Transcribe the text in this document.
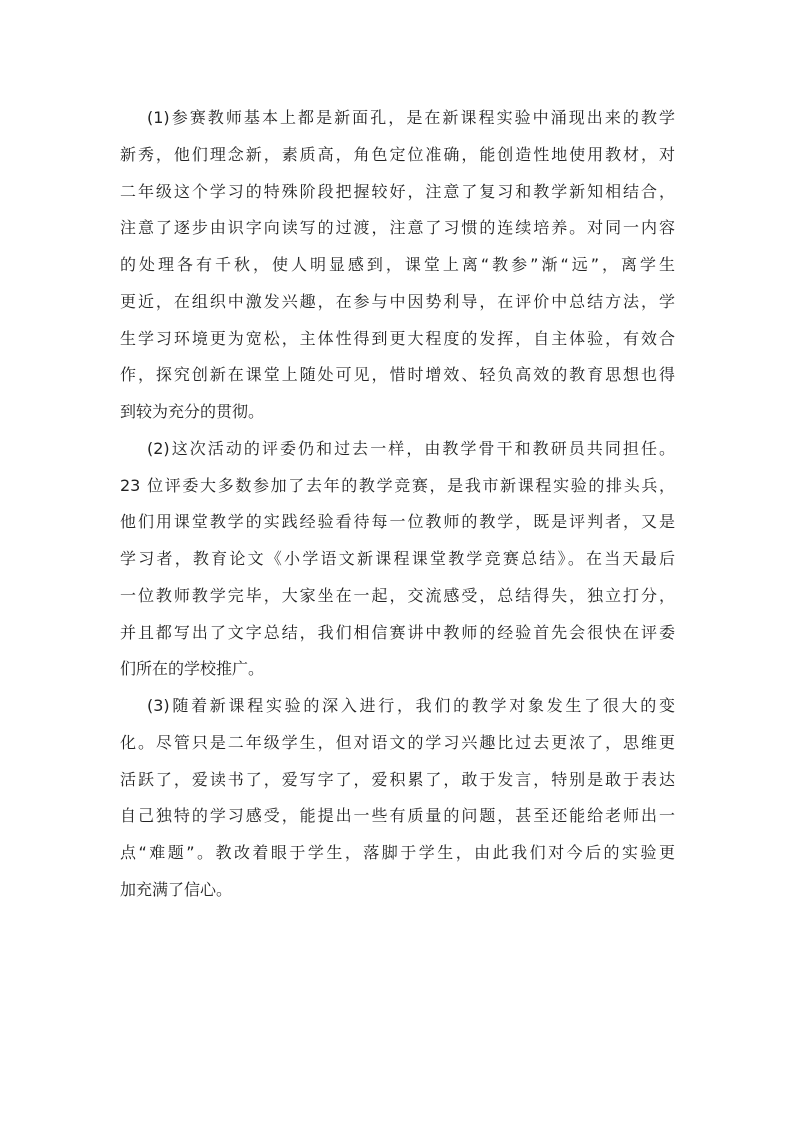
(1)参赛教师基本上都是新面孔，是在新课程实验中涌现出来的教学
新秀，他们理念新，素质高，角色定位准确，能创造性地使用教材，对
二年级这个学习的特殊阶段把握较好，注意了复习和教学新知相结合，
注意了逐步由识字向读写的过渡，注意了习惯的连续培养。对同一内容
的处理各有千秋，使人明显感到，课堂上离“教参”渐“远”，离学生
更近，在组织中激发兴趣，在参与中因势利导，在评价中总结方法，学
生学习环境更为宽松，主体性得到更大程度的发挥，自主体验，有效合
作，探究创新在课堂上随处可见，惜时增效、轻负高效的教育思想也得
到较为充分的贯彻。
(2)这次活动的评委仍和过去一样，由教学骨干和教研员共同担任。
23 位评委大多数参加了去年的教学竞赛，是我市新课程实验的排头兵，
他们用课堂教学的实践经验看待每一位教师的教学，既是评判者，又是
学习者，教育论文《小学语文新课程课堂教学竞赛总结》。在当天最后
一位教师教学完毕，大家坐在一起，交流感受，总结得失，独立打分，
并且都写出了文字总结，我们相信赛讲中教师的经验首先会很快在评委
们所在的学校推广。
(3)随着新课程实验的深入进行，我们的教学对象发生了很大的变
化。尽管只是二年级学生，但对语文的学习兴趣比过去更浓了，思维更
活跃了，爱读书了，爱写字了，爱积累了，敢于发言，特别是敢于表达
自己独特的学习感受，能提出一些有质量的问题，甚至还能给老师出一
点“难题”。教改着眼于学生，落脚于学生，由此我们对今后的实验更
加充满了信心。
